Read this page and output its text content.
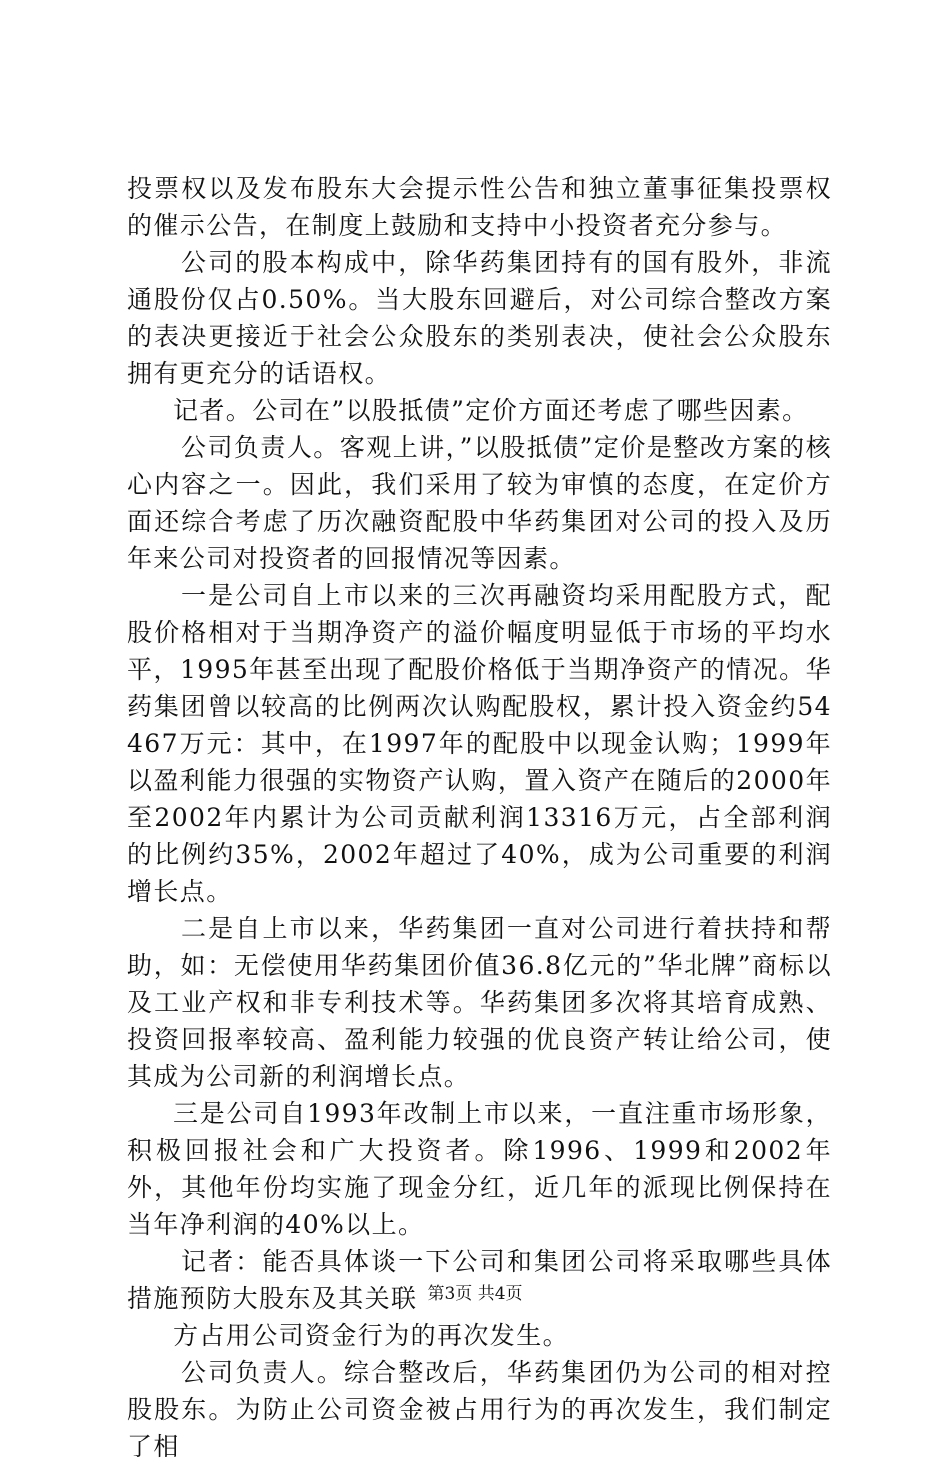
投票权以及发布股东大会提示性公告和独立董事征集投票权的催示公告，在制度上鼓励和支持中小投资者充分参与。

公司的股本构成中，除华药集团持有的国有股外，非流通股份仅占0.50%。当大股东回避后，对公司综合整改方案的表决更接近于社会公众股东的类别表决，使社会公众股东拥有更充分的话语权。

记者。公司在”以股抵债”定价方面还考虑了哪些因素。

公司负责人。客观上讲，”以股抵债”定价是整改方案的核心内容之一。因此，我们采用了较为审慎的态度，在定价方面还综合考虑了历次融资配股中华药集团对公司的投入及历年来公司对投资者的回报情况等因素。

一是公司自上市以来的三次再融资均采用配股方式，配股价格相对于当期净资产的溢价幅度明显低于市场的平均水平，1995年甚至出现了配股价格低于当期净资产的情况。华药集团曾以较高的比例两次认购配股权，累计投入资金约54467万元：其中，在1997年的配股中以现金认购；1999年以盈利能力很强的实物资产认购，置入资产在随后的2000年至2002年内累计为公司贡献利润13316万元，占全部利润的比例约35%，2002年超过了40%，成为公司重要的利润增长点。

二是自上市以来，华药集团一直对公司进行着扶持和帮助，如：无偿使用华药集团价值36.8亿元的”华北牌”商标以及工业产权和非专利技术等。华药集团多次将其培育成熟、投资回报率较高、盈利能力较强的优良资产转让给公司，使其成为公司新的利润增长点。

三是公司自1993年改制上市以来，一直注重市场形象，积极回报社会和广大投资者。除1996、1999和2002年外，其他年份均实施了现金分红，近几年的派现比例保持在当年净利润的40%以上。

记者：能否具体谈一下公司和集团公司将采取哪些具体措施预防大股东及其关联

方占用公司资金行为的再次发生。

公司负责人。综合整改后，华药集团仍为公司的相对控股股东。为防止公司资金被占用行为的再次发生，我们制定了相

第3页 共4页
